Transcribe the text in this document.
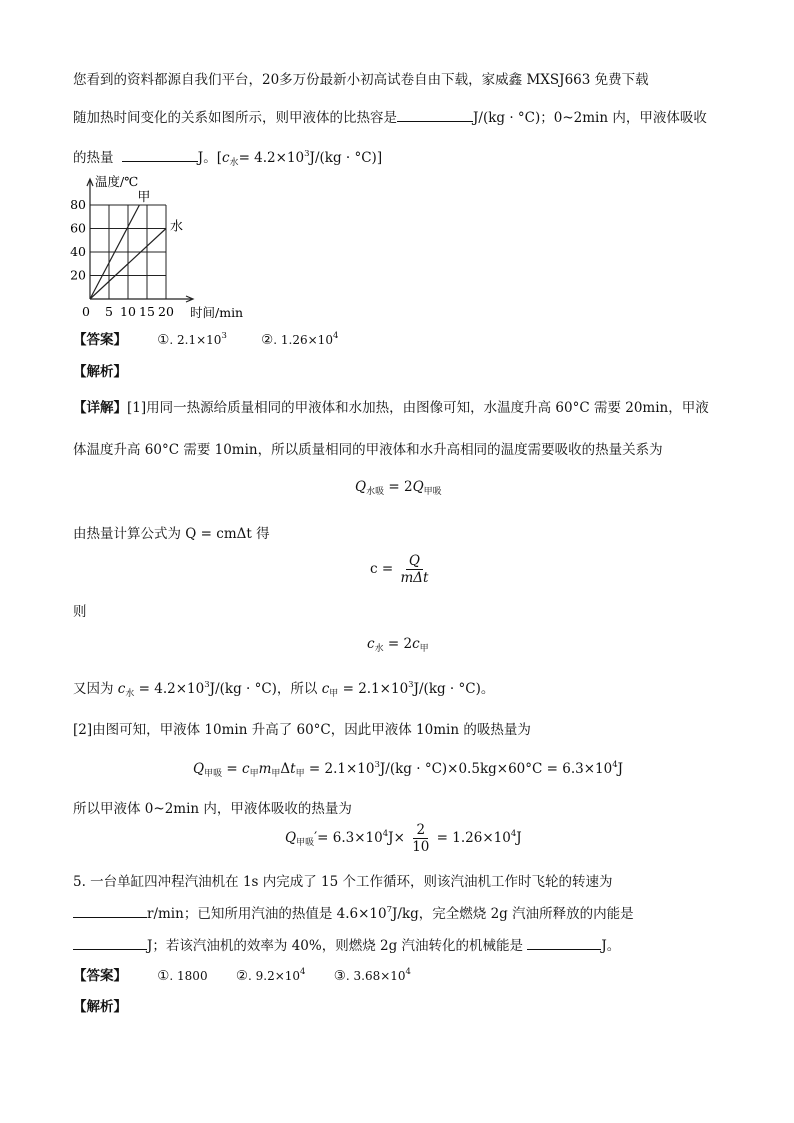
您看到的资料都源自我们平台，20多万份最新小初高试卷自由下载，家威鑫 MXSJ663 免费下载
随加热时间变化的关系如图所示，则甲液体的比热容是	J/(kg · °C)；0~2min 内，甲液体吸收
的热量	J。$[c_水= 4.2\times 10^3J/(kg \cdot ^\circ C)]$
0 5 10 15 20
20
40
60
80	甲
水
温度/℃
时间/min
【答案】 ①. $2.1\times 10^3$	②. $1.26\times 10^4$
【解析】
【详解】[1]用同一热源给质量相同的甲液体和水加热，由图像可知，水温度升高 60°C 需要 20min，甲液
体温度升高 60°C 需要 10min，所以质量相同的甲液体和水升高相同的温度需要吸收的热量关系为
$Q_{水吸} = 2Q_{甲吸}$
由热量计算公式为 Q = cmΔt 得
$c = \frac{Q}{\text{mΔt}}$
则
$c_水 = 2c_甲$
又因为 $c_水 = 4.2\times 10^3J/(kg \cdot ^\circ C)$，所以 $c_甲 = 2.1\times 10^3J/(kg \cdot ^\circ C)$。
[2]由图可知，甲液体 10min 升高了 60°C，因此甲液体 10min 的吸热量为
$Q_{甲吸} = c_甲m_甲\Delta t_甲 = 2.1\times 10^3J/(kg \cdot ^\circ C)\times 0.5kg\times 60^\circ C = 6.3\times 10^4J$
所以甲液体 0~2min 内，甲液体吸收的热量为
$Q_{甲吸}'= 6.3\times 10^4J\times \frac{2}{10} = 1.26\times 10^4J$
5. 一台单缸四冲程汽油机在 1s 内完成了 15 个工作循环，则该汽油机工作时飞轮的转速为
r/min；已知所用汽油的热值是 $4.6\times 10^7J/kg$，完全燃烧 2g 汽油所释放的内能是
J；若该汽油机的效率为 40%，则燃烧 2g 汽油转化的机械能是	J。
【答案】 ①. 1800 ②. $9.2\times 10^4$ ③. $3.68\times 10^4$
【解析】
